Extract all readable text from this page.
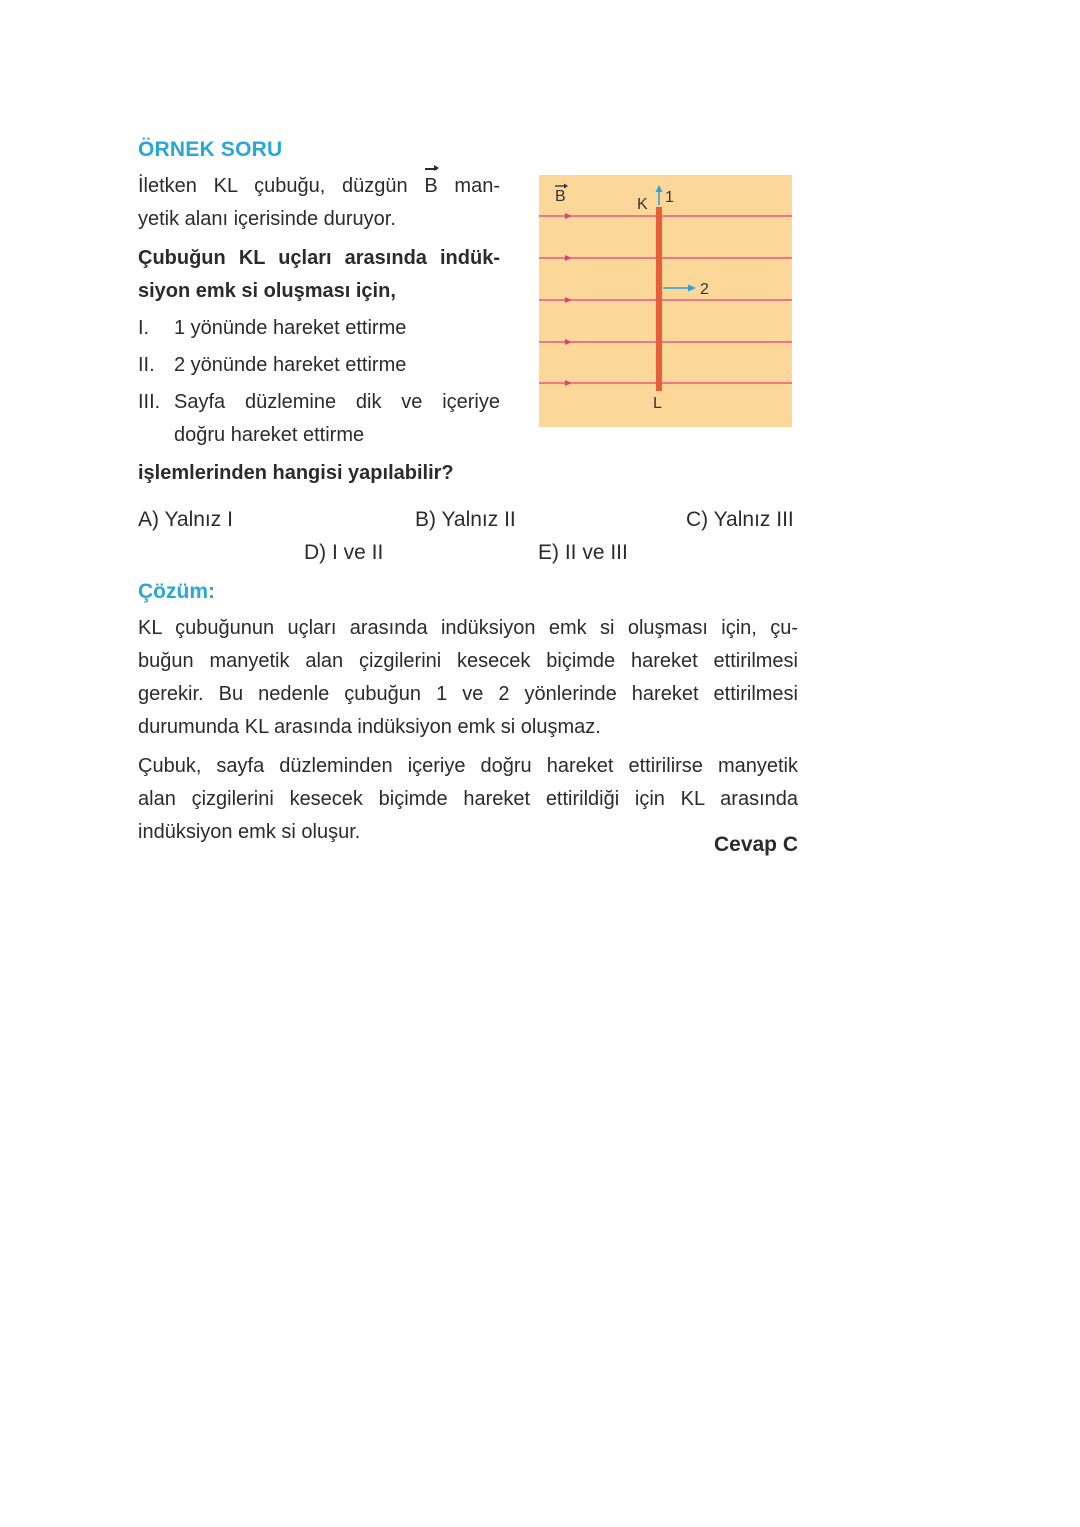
ÖRNEK SORU
İletken KL çubuğu, düzgün B man-
yetik alanı içerisinde duruyor.
Çubuğun KL uçları arasında indük-
siyon emk si oluşması için,
I. 1 yönünde hareket ettirme
II. 2 yönünde hareket ettirme
III. Sayfa düzlemine dik ve içeriye
doğru hareket ettirme
işlemlerinden hangisi yapılabilir?
A) Yalnız I	B) Yalnız II	C) Yalnız III
D) I ve II	E) II ve III
B	K
L
1
2
Çözüm:
KL çubuğunun uçları arasında indüksiyon emk si oluşması için, çu-
buğun manyetik alan çizgilerini kesecek biçimde hareket ettirilmesi
gerekir. Bu nedenle çubuğun 1 ve 2 yönlerinde hareket ettirilmesi
durumunda KL arasında indüksiyon emk si oluşmaz.
Çubuk, sayfa düzleminden içeriye doğru hareket ettirilirse manyetik
alan çizgilerini kesecek biçimde hareket ettirildiği için KL arasında
indüksiyon emk si oluşur.
Cevap C
